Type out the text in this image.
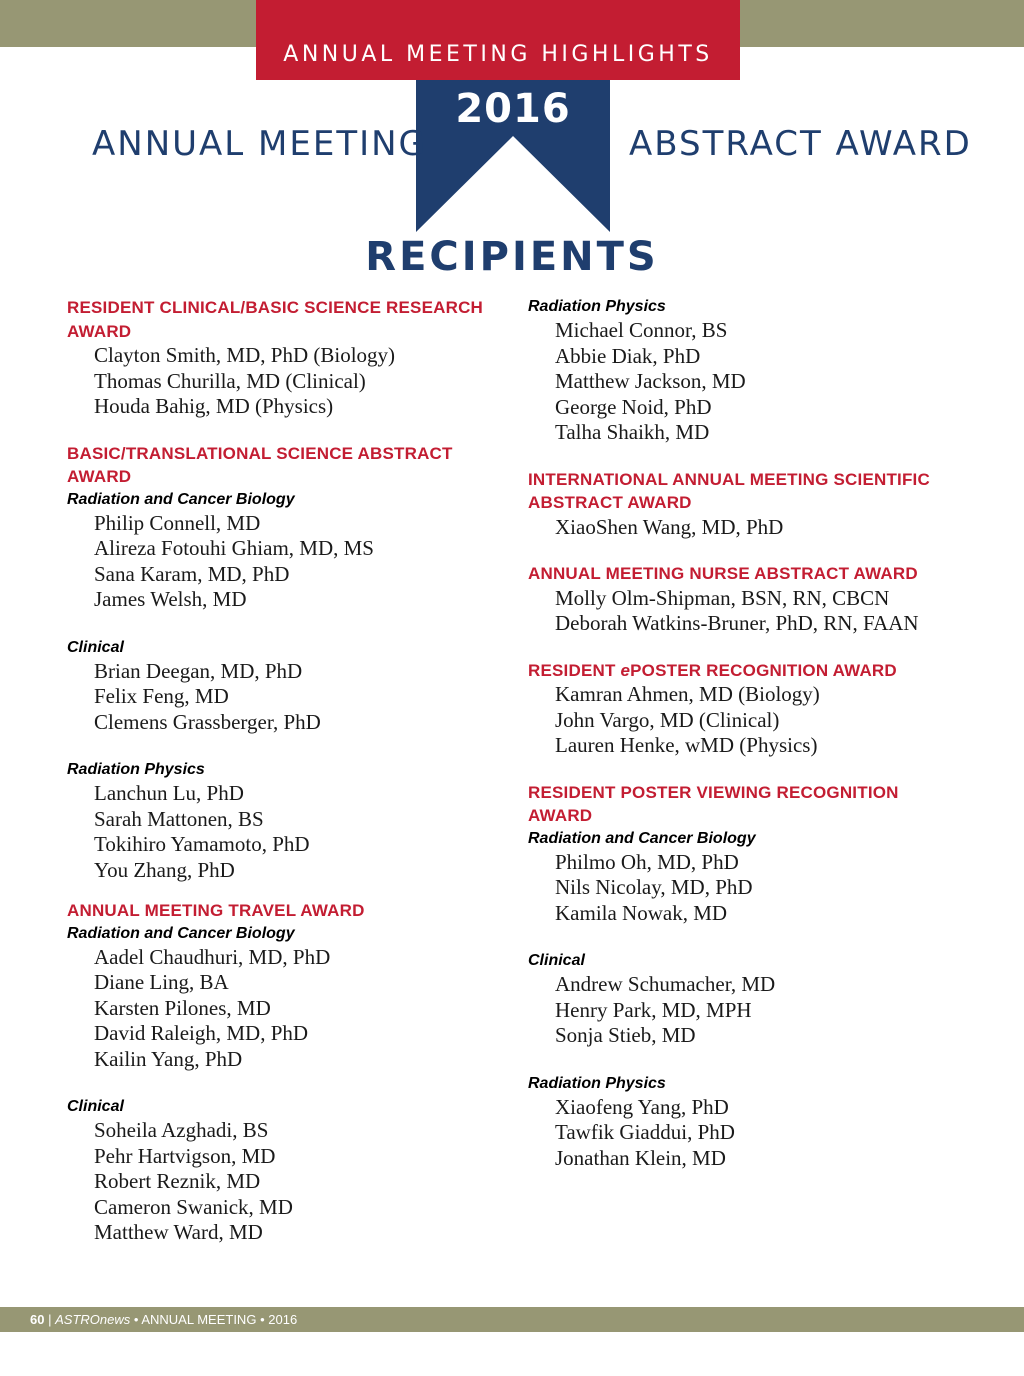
ANNUAL MEETING HIGHLIGHTS
2016
ANNUAL MEETING	ABSTRACT AWARD
RECIPIENTS
RESIDENT CLINICAL/BASIC SCIENCE RESEARCH
AWARD
Clayton Smith, MD, PhD (Biology)
Thomas Churilla, MD (Clinical)
Houda Bahig, MD (Physics)
BASIC/TRANSLATIONAL SCIENCE ABSTRACT
AWARD
Radiation and Cancer Biology
Philip Connell, MD
Alireza Fotouhi Ghiam, MD, MS
Sana Karam, MD, PhD
James Welsh, MD
Clinical
Brian Deegan, MD, PhD
Felix Feng, MD
Clemens Grassberger, PhD
Radiation Physics
Lanchun Lu, PhD
Sarah Mattonen, BS
Tokihiro Yamamoto, PhD
You Zhang, PhD
ANNUAL MEETING TRAVEL AWARD
Radiation and Cancer Biology
Aadel Chaudhuri, MD, PhD
Diane Ling, BA
Karsten Pilones, MD
David Raleigh, MD, PhD
Kailin Yang, PhD
Clinical
Soheila Azghadi, BS
Pehr Hartvigson, MD
Robert Reznik, MD
Cameron Swanick, MD
Matthew Ward, MD
Radiation Physics
Michael Connor, BS
Abbie Diak, PhD
Matthew Jackson, MD
George Noid, PhD
Talha Shaikh, MD
INTERNATIONAL ANNUAL MEETING SCIENTIFIC
ABSTRACT AWARD
XiaoShen Wang, MD, PhD
ANNUAL MEETING NURSE ABSTRACT AWARD
Molly Olm-Shipman, BSN, RN, CBCN
Deborah Watkins-Bruner, PhD, RN, FAAN
RESIDENT ePOSTER RECOGNITION AWARD
Kamran Ahmen, MD (Biology)
John Vargo, MD (Clinical)
Lauren Henke, wMD (Physics)
RESIDENT POSTER VIEWING RECOGNITION
AWARD
Radiation and Cancer Biology
Philmo Oh, MD, PhD
Nils Nicolay, MD, PhD
Kamila Nowak, MD
Clinical
Andrew Schumacher, MD
Henry Park, MD, MPH
Sonja Stieb, MD
Radiation Physics
Xiaofeng Yang, PhD
Tawfik Giaddui, PhD
Jonathan Klein, MD
60 | ASTROnews • ANNUAL MEETING • 2016
